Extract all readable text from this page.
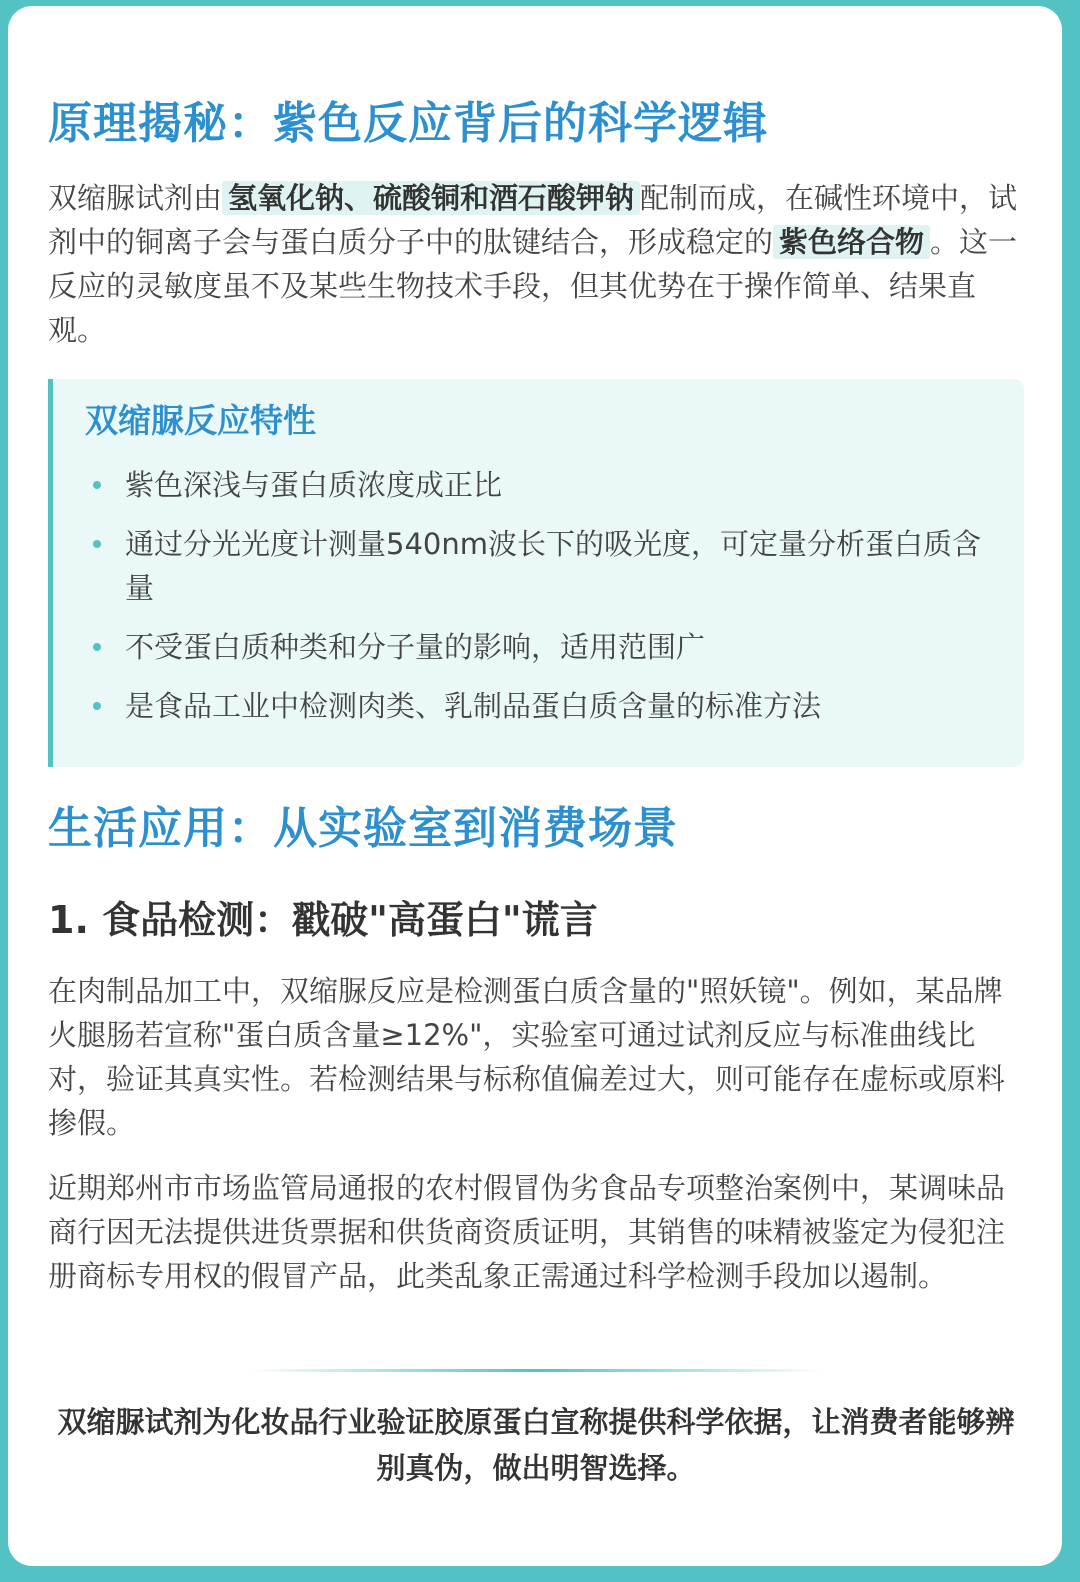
原理揭秘：紫色反应背后的科学逻辑

双缩脲试剂由 氢氧化钠、硫酸铜和酒石酸钾钠 配制而成，在碱性环境中，试剂中的铜离子会与蛋白质分子中的肽键结合，形成稳定的 紫色络合物 。这一反应的灵敏度虽不及某些生物技术手段，但其优势在于操作简单、结果直观。

双缩脲反应特性
紫色深浅与蛋白质浓度成正比
通过分光光度计测量540nm波长下的吸光度，可定量分析蛋白质含量
不受蛋白质种类和分子量的影响，适用范围广
是食品工业中检测肉类、乳制品蛋白质含量的标准方法
生活应用：从实验室到消费场景
1. 食品检测：戳破"高蛋白"谎言

在肉制品加工中，双缩脲反应是检测蛋白质含量的"照妖镜"。例如，某品牌火腿肠若宣称"蛋白质含量≥12%"，实验室可通过试剂反应与标准曲线比对，验证其真实性。若检测结果与标称值偏差过大，则可能存在虚标或原料掺假。

近期郑州市市场监管局通报的农村假冒伪劣食品专项整治案例中，某调味品商行因无法提供进货票据和供货商资质证明，其销售的味精被鉴定为侵犯注册商标专用权的假冒产品，此类乱象正需通过科学检测手段加以遏制。

双缩脲试剂为化妆品行业验证胶原蛋白宣称提供科学依据，让消费者能够辨别真伪，做出明智选择。
